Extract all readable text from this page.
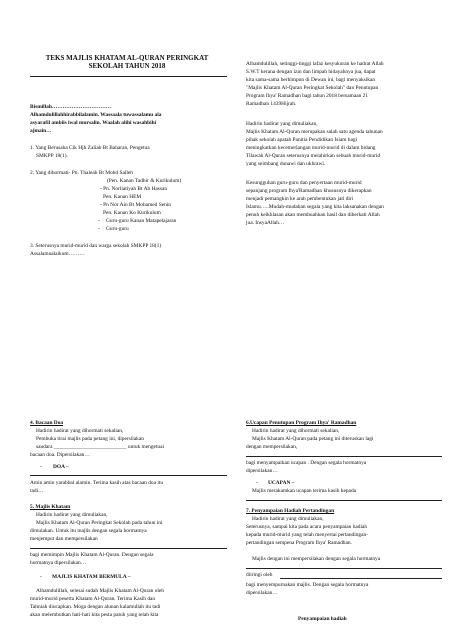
TEKS MAJLIS KHATAM AL-QURAN PERINGKAT
SEKOLAH TAHUN 2018
Bismillah……………………………
Alhamdulillahhirabbilalamin. Wassaala tuwassalamu ala
asyarafil ambiis iwal mursalin. Waalah alihi wasahbihi
ajmain…
1. Yang Berusaha Cik Hjh Zaliah Bt Baharan, Pengetua
SMKPP 18(1).
2. Yang dihormati- Pn. Thaleah Bt Mohd Salleh
(Pen. Kanan Tadbir & Kurikulum)
- Pn. Norliatiyah Bt Ab Hassan
Pen. Kanan HEM
- Pn Nor Ain Bt Mohamed Senin
Pen. Kanan Ko Kurikulum
- Guru-guru Kanan Matapelajaran
- Guru-guru
3. Seterusnya murid-murid dan warga sekolah SMKPP 18(1)
Assalamualaikum………
Alhamdulillah, setinggi-tinggi lafaz kesyukuran ke hadrat Allah
S.W.T kerana dengan izin dan limpah hidayahnya jua, dapat
kita sama-sama berhimpun di Dewan ini, bagi menyaksikan
"Majlis Khatam Al-Quran Peringkat Sekolah" dan Penutupan
Program Ihya' Ramadhan bagi tahun 2018 bersamaan 21
Ramadhan 1439Hijrah.
Hadirin hadirat yang dimuliakan,
Majlis Khatam Al-Quran merupakan salah satu agenda tahunan
pihak sekolah apatah Panitia Pendidikan Islam bagi
meningkatkan kecemerlangan murid-murid di dalam bidang
Tilawah Al-Quran seterusnya melahirkan sebuah murid-murid
yang seimbang dunawi dan ukhrawi.
Kesungguhan guru-guru dan penyertaan murid-murid
sepanjang program Ihya'Ramadhan khususnya dikerapkan
menjadi pemangkin ke arah pembentukan jati diri
Islamu…..Mudah-mudahan segala yang kita laksanakan dengan
penuh keikhlasan akan membuahkan hasil dan diberkati Allah
jua. InsyaAllah…
4. Bacaan Doa
Hadirin hadirat yang dihormati sekalian,
Pembuka tirai majlis pada petang ini, dipersilakan
saudara ___________________________ untuk mengetuai
bacaan doa. Dipersilakan…
- DOA –
Amin amin yarabbal alamin. Terima kasih atas bacaan doa itu
tadi…
5. Majlis Khatam
Hadirin hadirat yang dimuliakan,
Majlis Khatam Al-Quran Peringkat Sekolah pada tahun ini
dimulakan. Untuk itu majlis dengan segala hormatnya
menjemput dan mempersilakan
bagi memimpin Majlis Khatam Al-Quran. Dengan segala
hormatnya dipersilakan…
- MAJLIS KHATAM BERMULA –
Alhamdulillah, selesai sudah Majlis Khatam Al-Quran oleh
murid-murid peserta Khatam Al-Quran. Terima Kasih dan
Tahniah diucapkan. Moga dengan alunan kalamullah itu tadi
akan melembutkan hati-hati kita pesta patuh yang telah kita
6.Ucapan Penutupan Program Ihya' Ramadhan
Hadirin hadirat yang dihormati sekalian,
Majlis Khatam Al-Quran pada petang ini diteruskan lagi
dengan mempersilakan,
bagi menyampaikan ucapan . Dengan segala hormatnya
dipersilakan…
- UCAPAN –
Majlis merakamkan ucapan terima kasih kepada
7. Penyampaian Hadiah Pertandingan
Hadirin hadirat yang dimuliakan,
Seterusnya, sampai kita pada acara penyampaian hadiah
kepada murid-murid yang telah menyertai pertandingan-
pertandingan sempena Program Ihya' Ramadhan.
Majlis dengan ini mempersilakan dengan segala hormatnya
diiringi oleh
bagi menyempurnakan majlis. Dengan segala hormatnya
dipersilakan…
Penyampaian hadiah
